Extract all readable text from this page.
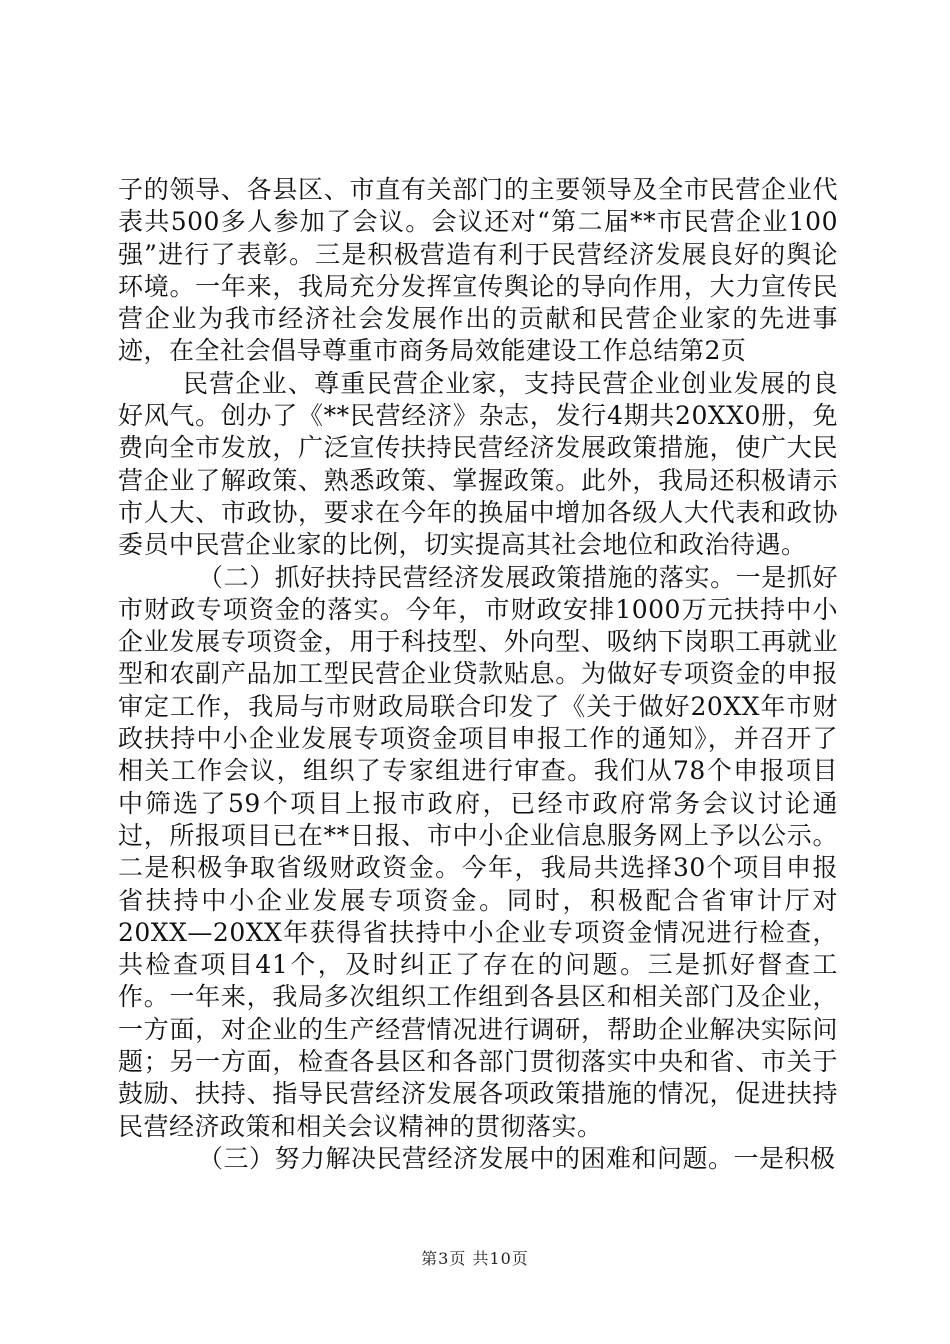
子的领导、各县区、市直有关部门的主要领导及全市民营企业代表共500多人参加了会议。会议还对“第二届**市民营企业100强”进行了表彰。三是积极营造有利于民营经济发展良好的舆论环境。一年来，我局充分发挥宣传舆论的导向作用，大力宣传民营企业为我市经济社会发展作出的贡献和民营企业家的先进事迹，在全社会倡导尊重市商务局效能建设工作总结第2页

民营企业、尊重民营企业家，支持民营企业创业发展的良好风气。创办了《**民营经济》杂志，发行4期共20XX0册，免费向全市发放，广泛宣传扶持民营经济发展政策措施，使广大民营企业了解政策、熟悉政策、掌握政策。此外，我局还积极请示市人大、市政协，要求在今年的换届中增加各级人大代表和政协委员中民营企业家的比例，切实提高其社会地位和政治待遇。

（二）抓好扶持民营经济发展政策措施的落实。一是抓好市财政专项资金的落实。今年，市财政安排1000万元扶持中小企业发展专项资金，用于科技型、外向型、吸纳下岗职工再就业型和农副产品加工型民营企业贷款贴息。为做好专项资金的申报审定工作，我局与市财政局联合印发了《关于做好20XX年市财政扶持中小企业发展专项资金项目申报工作的通知》，并召开了相关工作会议，组织了专家组进行审查。我们从78个申报项目中筛选了59个项目上报市政府，已经市政府常务会议讨论通过，所报项目已在**日报、市中小企业信息服务网上予以公示。二是积极争取省级财政资金。今年，我局共选择30个项目申报省扶持中小企业发展专项资金。同时，积极配合省审计厅对20XX—20XX年获得省扶持中小企业专项资金情况进行检查，共检查项目41个，及时纠正了存在的问题。三是抓好督查工作。一年来，我局多次组织工作组到各县区和相关部门及企业，一方面，对企业的生产经营情况进行调研，帮助企业解决实际问题；另一方面，检查各县区和各部门贯彻落实中央和省、市关于鼓励、扶持、指导民营经济发展各项政策措施的情况，促进扶持民营经济政策和相关会议精神的贯彻落实。

（三）努力解决民营经济发展中的困难和问题。一是积极

第3页 共10页
